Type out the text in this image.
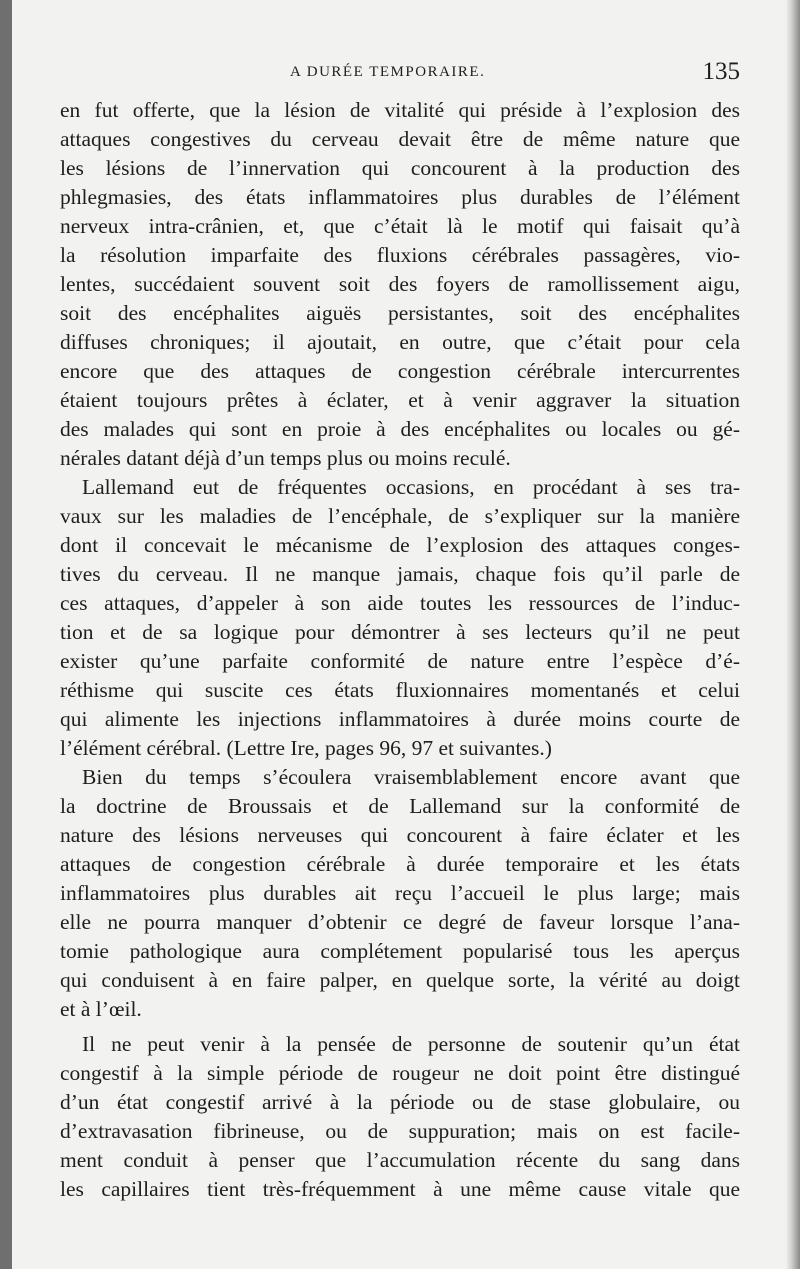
A DURÉE TEMPORAIRE.	135
en fut offerte, que la lésion de vitalité qui préside à l’explosion des
attaques congestives du cerveau devait être de même nature que
les lésions de l’innervation qui concourent à la production des
phlegmasies, des états inflammatoires plus durables de l’élément
nerveux intra-crânien, et, que c’était là le motif qui faisait qu’à
la résolution imparfaite des fluxions cérébrales passagères, vio-
lentes, succédaient souvent soit des foyers de ramollissement aigu,
soit des encéphalites aiguës persistantes, soit des encéphalites
diffuses chroniques; il ajoutait, en outre, que c’était pour cela
encore que des attaques de congestion cérébrale intercurrentes
étaient toujours prêtes à éclater, et à venir aggraver la situation
des malades qui sont en proie à des encéphalites ou locales ou gé-
nérales datant déjà d’un temps plus ou moins reculé.
Lallemand eut de fréquentes occasions, en procédant à ses tra-
vaux sur les maladies de l’encéphale, de s’expliquer sur la manière
dont il concevait le mécanisme de l’explosion des attaques conges-
tives du cerveau. Il ne manque jamais, chaque fois qu’il parle de
ces attaques, d’appeler à son aide toutes les ressources de l’induc-
tion et de sa logique pour démontrer à ses lecteurs qu’il ne peut
exister qu’une parfaite conformité de nature entre l’espèce d’é-
réthisme qui suscite ces états fluxionnaires momentanés et celui
qui alimente les injections inflammatoires à durée moins courte de
l’élément cérébral. (Lettre Ire, pages 96, 97 et suivantes.)
Bien du temps s’écoulera vraisemblablement encore avant que
la doctrine de Broussais et de Lallemand sur la conformité de
nature des lésions nerveuses qui concourent à faire éclater et les
attaques de congestion cérébrale à durée temporaire et les états
inflammatoires plus durables ait reçu l’accueil le plus large; mais
elle ne pourra manquer d’obtenir ce degré de faveur lorsque l’ana-
tomie pathologique aura complétement popularisé tous les aperçus
qui conduisent à en faire palper, en quelque sorte, la vérité au doigt
et à l’œil.
Il ne peut venir à la pensée de personne de soutenir qu’un état
congestif à la simple période de rougeur ne doit point être distingué
d’un état congestif arrivé à la période ou de stase globulaire, ou
d’extravasation fibrineuse, ou de suppuration; mais on est facile-
ment conduit à penser que l’accumulation récente du sang dans
les capillaires tient très-fréquemment à une même cause vitale que
